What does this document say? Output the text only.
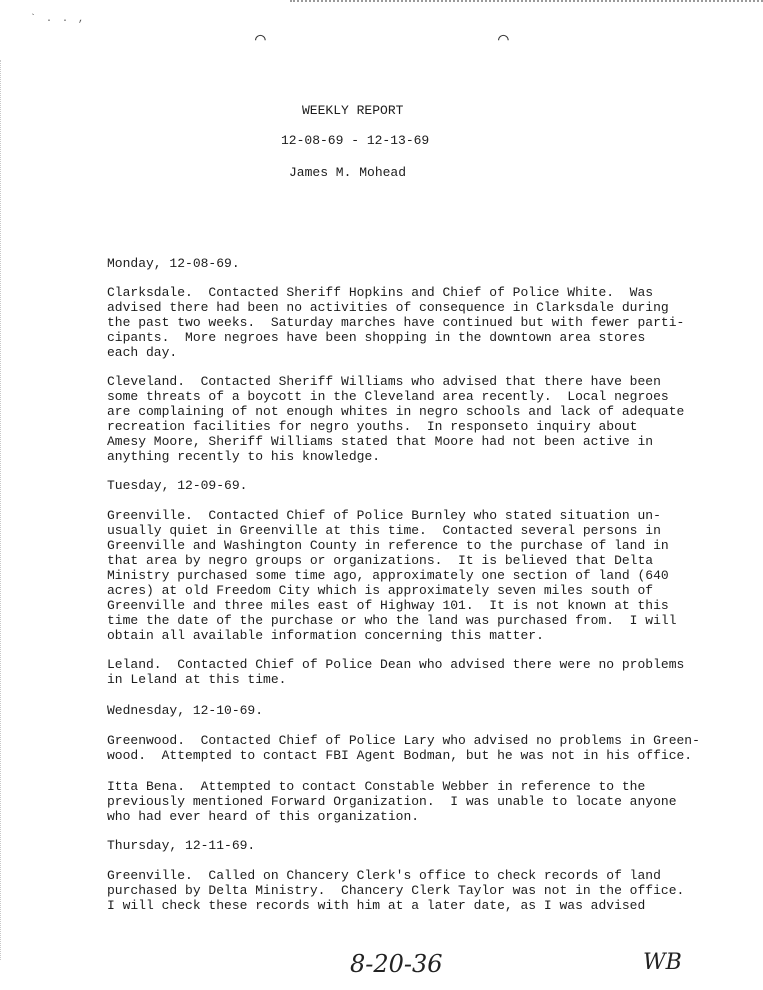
` . . ,
⌒	⌒
WEEKLY REPORT
12-08-69 - 12-13-69
James M. Mohead
Monday, 12-08-69.

Clarksdale.  Contacted Sheriff Hopkins and Chief of Police White.  Was
advised there had been no activities of consequence in Clarksdale during
the past two weeks.  Saturday marches have continued but with fewer parti-
cipants.  More negroes have been shopping in the downtown area stores
each day.

Cleveland.  Contacted Sheriff Williams who advised that there have been
some threats of a boycott in the Cleveland area recently.  Local negroes
are complaining of not enough whites in negro schools and lack of adequate
recreation facilities for negro youths.  In responseto inquiry about
Amesy Moore, Sheriff Williams stated that Moore had not been active in
anything recently to his knowledge.

Tuesday, 12-09-69.

Greenville.  Contacted Chief of Police Burnley who stated situation un-
usually quiet in Greenville at this time.  Contacted several persons in
Greenville and Washington County in reference to the purchase of land in
that area by negro groups or organizations.  It is believed that Delta
Ministry purchased some time ago, approximately one section of land (640
acres) at old Freedom City which is approximately seven miles south of
Greenville and three miles east of Highway 101.  It is not known at this
time the date of the purchase or who the land was purchased from.  I will
obtain all available information concerning this matter.

Leland.  Contacted Chief of Police Dean who advised there were no problems
in Leland at this time.

Wednesday, 12-10-69.

Greenwood.  Contacted Chief of Police Lary who advised no problems in Green-
wood.  Attempted to contact FBI Agent Bodman, but he was not in his office.

Itta Bena.  Attempted to contact Constable Webber in reference to the
previously mentioned Forward Organization.  I was unable to locate anyone
who had ever heard of this organization.

Thursday, 12-11-69.

Greenville.  Called on Chancery Clerk's office to check records of land
purchased by Delta Ministry.  Chancery Clerk Taylor was not in the office.
I will check these records with him at a later date, as I was advised

8-20-36	WB
